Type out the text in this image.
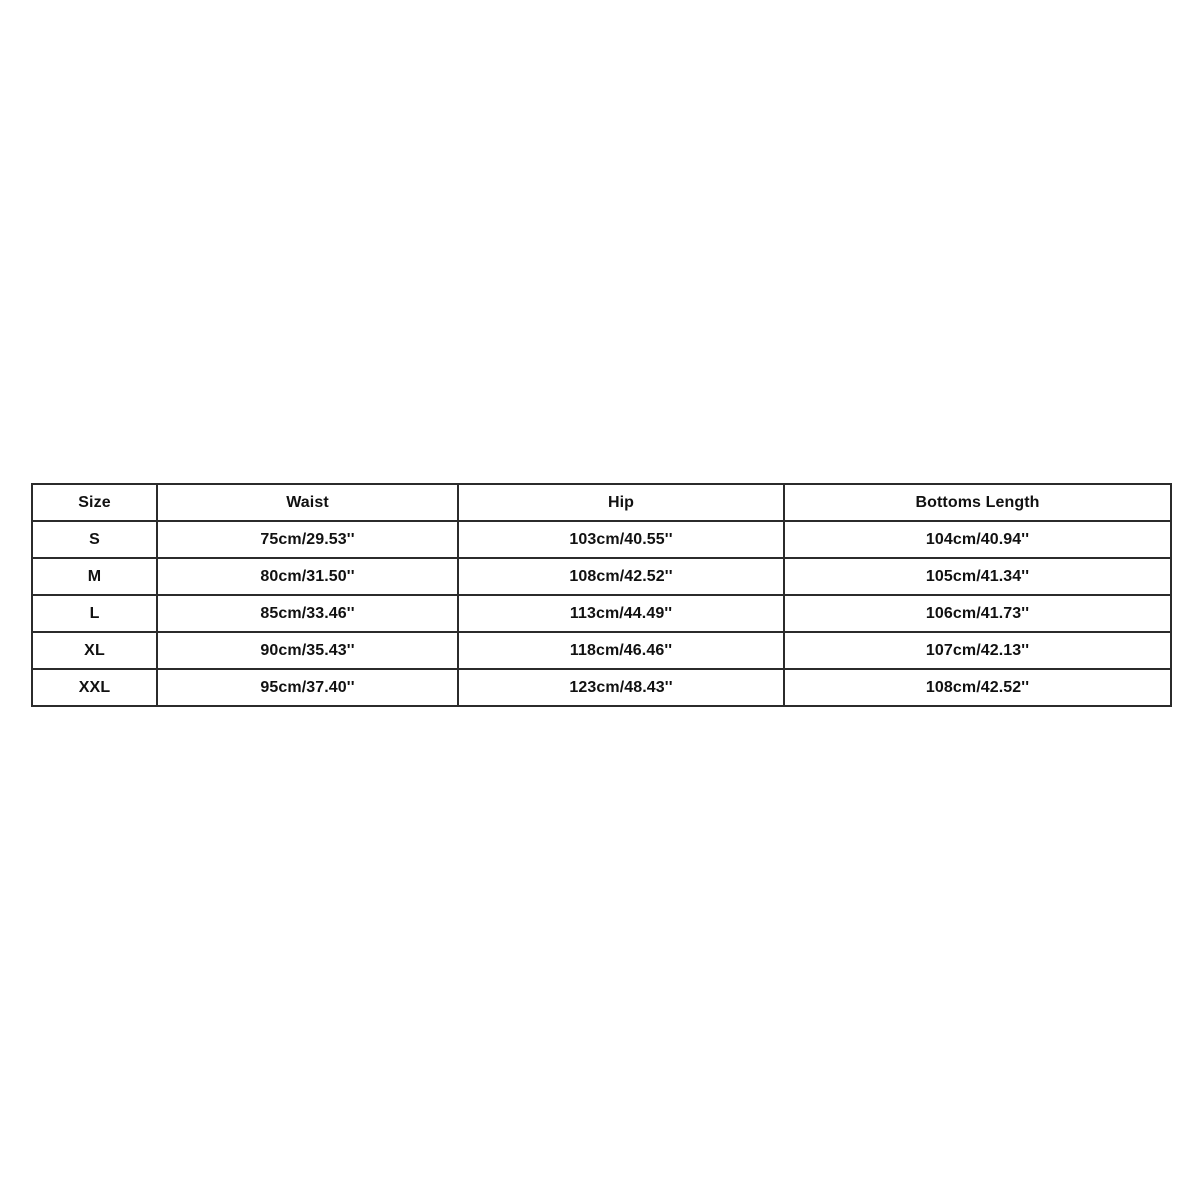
Size	Waist	Hip	Bottoms Length
S	75cm/29.53''	103cm/40.55''	104cm/40.94''
M	80cm/31.50''	108cm/42.52''	105cm/41.34''
L	85cm/33.46''	113cm/44.49''	106cm/41.73''
XL	90cm/35.43''	118cm/46.46''	107cm/42.13''
XXL	95cm/37.40''	123cm/48.43''	108cm/42.52''
